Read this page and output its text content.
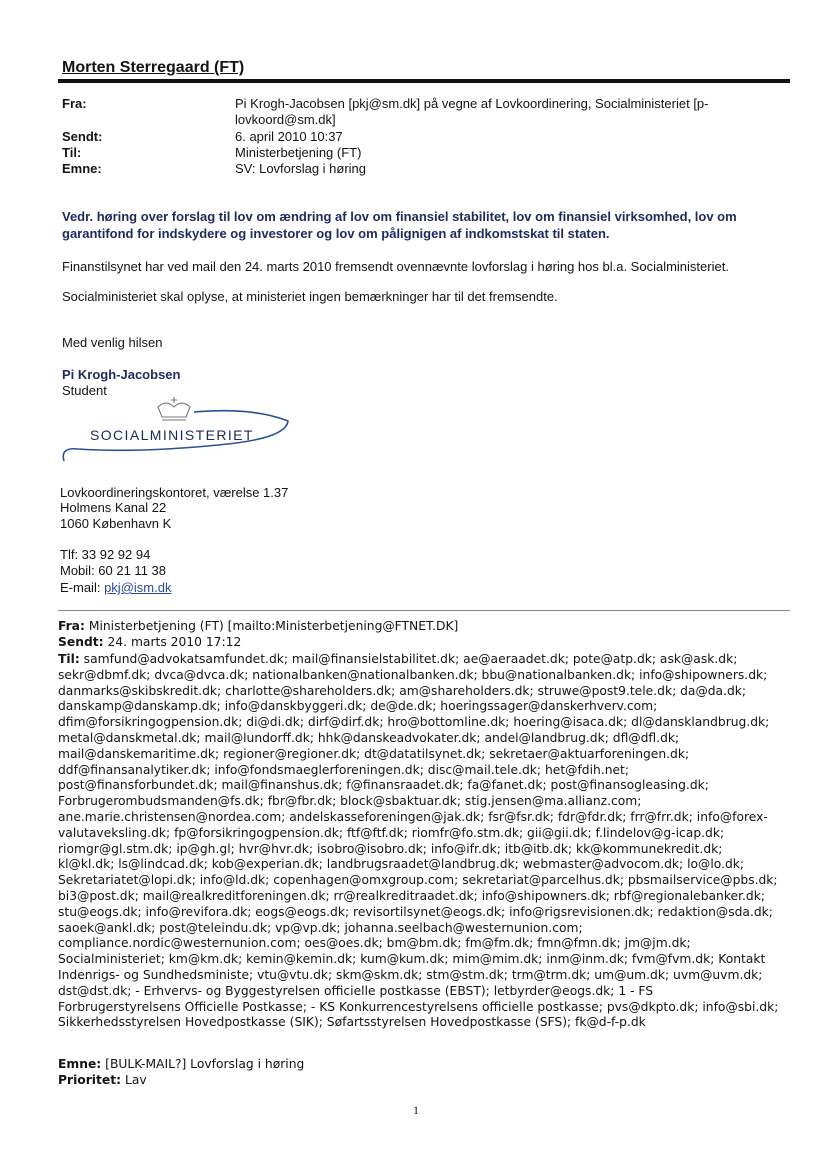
Morten Sterregaard (FT)
Fra:	Pi Krogh-Jacobsen [pkj@sm.dk] på vegne af Lovkoordinering, Socialministeriet [p-
lovkoord@sm.dk]
Sendt:	6. april 2010 10:37
Til:	Ministerbetjening (FT)
Emne:	SV: Lovforslag i høring
Vedr. høring over forslag til lov om ændring af lov om finansiel stabilitet, lov om finansiel virksomhed, lov om
garantifond for indskydere og investorer og lov om pålignigen af indkomstskat til staten.
Finanstilsynet har ved mail den 24. marts 2010 fremsendt ovennævnte lovforslag i høring hos bl.a. Socialministeriet.
Socialministeriet skal oplyse, at ministeriet ingen bemærkninger har til det fremsendte.
Med venlig hilsen
Pi Krogh-Jacobsen
Student
SOCIALMINISTERIET
Lovkoordineringskontoret, værelse 1.37
Holmens Kanal 22
1060 København K
Tlf: 33 92 92 94
Mobil: 60 21 11 38
E-mail: pkj@ism.dk
Fra: Ministerbetjening (FT) [mailto:Ministerbetjening@FTNET.DK]
Sendt: 24. marts 2010 17:12
Til: samfund@advokatsamfundet.dk; mail@finansielstabilitet.dk; ae@aeraadet.dk; pote@atp.dk; ask@ask.dk;
sekr@dbmf.dk; dvca@dvca.dk; nationalbanken@nationalbanken.dk; bbu@nationalbanken.dk; info@shipowners.dk;
danmarks@skibskredit.dk; charlotte@shareholders.dk; am@shareholders.dk; struwe@post9.tele.dk; da@da.dk;
danskamp@danskamp.dk; info@danskbyggeri.dk; de@de.dk; hoeringssager@danskerhverv.com;
dfim@forsikringogpension.dk; di@di.dk; dirf@dirf.dk; hro@bottomline.dk; hoering@isaca.dk; dl@dansklandbrug.dk;
metal@danskmetal.dk; mail@lundorff.dk; hhk@danskeadvokater.dk; andel@landbrug.dk; dfl@dfl.dk;
mail@danskemaritime.dk; regioner@regioner.dk; dt@datatilsynet.dk; sekretaer@aktuarforeningen.dk;
ddf@finansanalytiker.dk; info@fondsmaeglerforeningen.dk; disc@mail.tele.dk; het@fdih.net;
post@finansforbundet.dk; mail@finanshus.dk; f@finansraadet.dk; fa@fanet.dk; post@finansogleasing.dk;
Forbrugerombudsmanden@fs.dk; fbr@fbr.dk; block@sbaktuar.dk; stig.jensen@ma.allianz.com;
ane.marie.christensen@nordea.com; andelskasseforeningen@jak.dk; fsr@fsr.dk; fdr@fdr.dk; frr@frr.dk; info@forex-
valutaveksling.dk; fp@forsikringogpension.dk; ftf@ftf.dk; riomfr@fo.stm.dk; gii@gii.dk; f.lindelov@g-icap.dk;
riomgr@gl.stm.dk; ip@gh.gl; hvr@hvr.dk; isobro@isobro.dk; info@ifr.dk; itb@itb.dk; kk@kommunekredit.dk;
kl@kl.dk; ls@lindcad.dk; kob@experian.dk; landbrugsraadet@landbrug.dk; webmaster@advocom.dk; lo@lo.dk;
Sekretariatet@lopi.dk; info@ld.dk; copenhagen@omxgroup.com; sekretariat@parcelhus.dk; pbsmailservice@pbs.dk;
bi3@post.dk; mail@realkreditforeningen.dk; rr@realkreditraadet.dk; info@shipowners.dk; rbf@regionalebanker.dk;
stu@eogs.dk; info@revifora.dk; eogs@eogs.dk; revisortilsynet@eogs.dk; info@rigsrevisionen.dk; redaktion@sda.dk;
saoek@ankl.dk; post@teleindu.dk; vp@vp.dk; johanna.seelbach@westernunion.com;
compliance.nordic@westernunion.com; oes@oes.dk; bm@bm.dk; fm@fm.dk; fmn@fmn.dk; jm@jm.dk;
Socialministeriet; km@km.dk; kemin@kemin.dk; kum@kum.dk; mim@mim.dk; inm@inm.dk; fvm@fvm.dk; Kontakt
Indenrigs- og Sundhedsministe; vtu@vtu.dk; skm@skm.dk; stm@stm.dk; trm@trm.dk; um@um.dk; uvm@uvm.dk;
dst@dst.dk; - Erhvervs- og Byggestyrelsen officielle postkasse (EBST); letbyrder@eogs.dk; 1 - FS
Forbrugerstyrelsens Officielle Postkasse; - KS Konkurrencestyrelsens officielle postkasse; pvs@dkpto.dk; info@sbi.dk;
Sikkerhedsstyrelsen Hovedpostkasse (SIK); Søfartsstyrelsen Hovedpostkasse (SFS); fk@d-f-p.dk
Emne: [BULK-MAIL?] Lovforslag i høring
Prioritet: Lav
1
